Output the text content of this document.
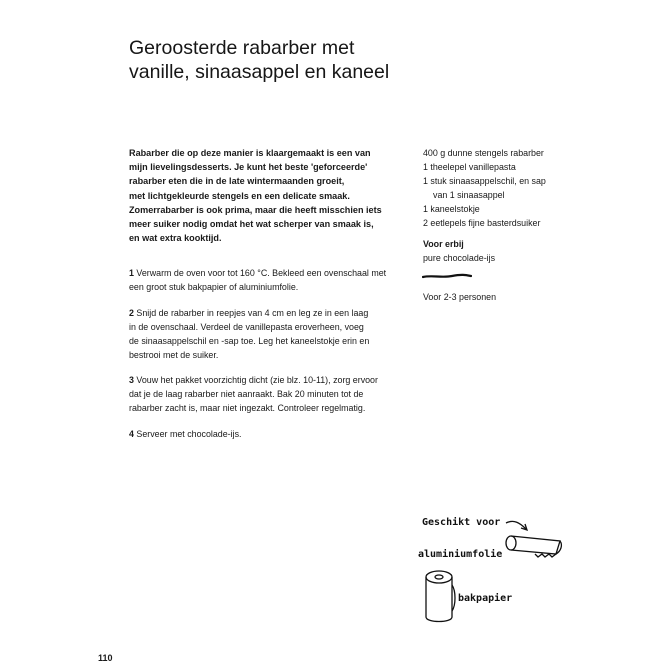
Geroosterde rabarber met
vanille, sinaasappel en kaneel
Rabarber die op deze manier is klaargemaakt is een van
mijn lievelingsdesserts. Je kunt het beste 'geforceerde'
rabarber eten die in de late wintermaanden groeit,
met lichtgekleurde stengels en een delicate smaak.
Zomerrabarber is ook prima, maar die heeft misschien iets
meer suiker nodig omdat het wat scherper van smaak is,
en wat extra kooktijd.
1 Verwarm de oven voor tot 160 °C. Bekleed een ovenschaal met
een groot stuk bakpapier of aluminiumfolie.
2 Snijd de rabarber in reepjes van 4 cm en leg ze in een laag
in de ovenschaal. Verdeel de vanillepasta eroverheen, voeg
de sinaasappelschil en -sap toe. Leg het kaneelstokje erin en
bestrooi met de suiker.
3 Vouw het pakket voorzichtig dicht (zie blz. 10-11), zorg ervoor
dat je de laag rabarber niet aanraakt. Bak 20 minuten tot de
rabarber zacht is, maar niet ingezakt. Controleer regelmatig.
4 Serveer met chocolade-ijs.
400 g dunne stengels rabarber
1 theelepel vanillepasta
1 stuk sinaasappelschil, en sap
van 1 sinaasappel
1 kaneelstokje
2 eetlepels fijne basterdsuiker
Voor erbij
pure chocolade-ijs
Voor 2-3 personen
Geschikt voor
aluminiumfolie
bakpapier
110
